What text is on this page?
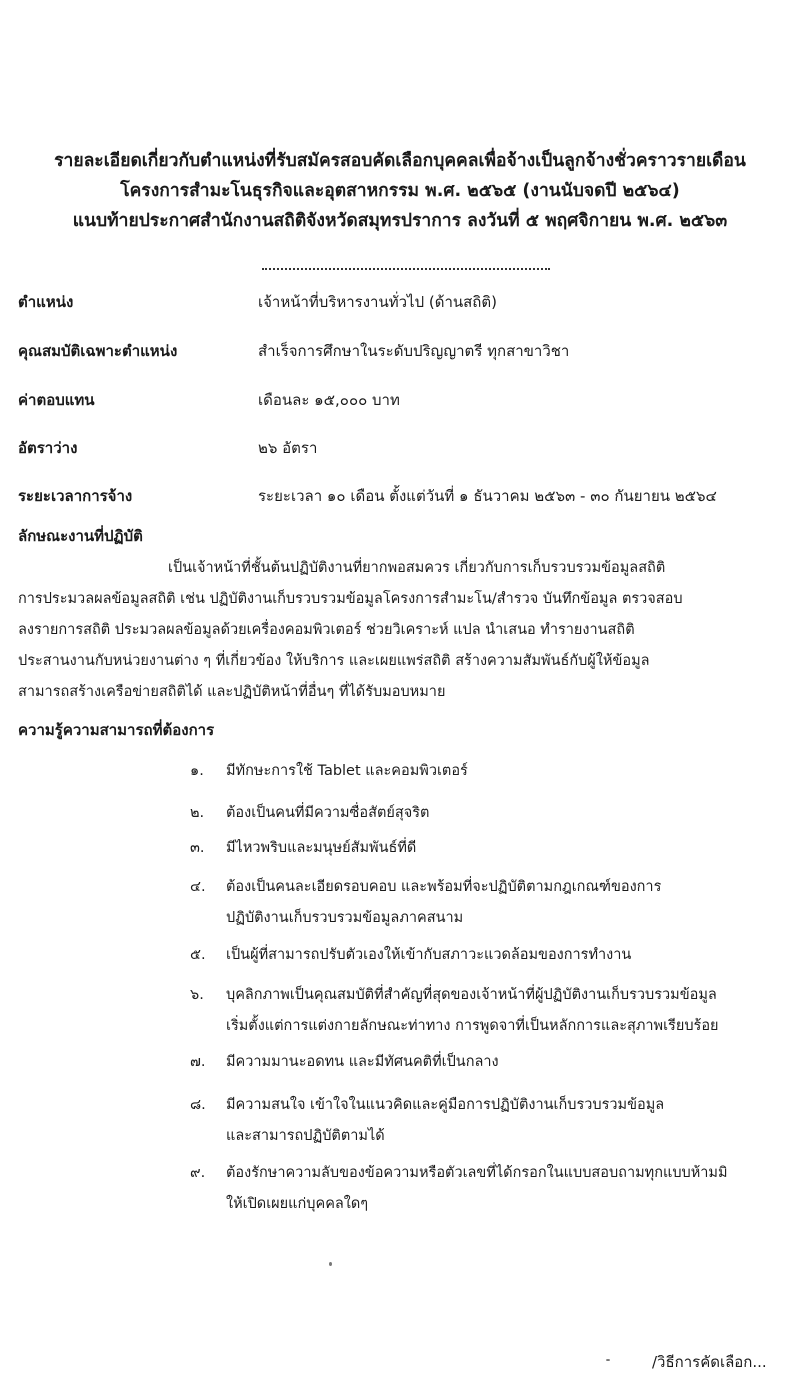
รายละเอียดเกี่ยวกับตำแหน่งที่รับสมัครสอบคัดเลือกบุคคลเพื่อจ้างเป็นลูกจ้างชั่วคราวรายเดือน
โครงการสำมะโนธุรกิจและอุตสาหกรรม พ.ศ. ๒๕๖๕ (งานนับจดปี ๒๕๖๔)
แนบท้ายประกาศสำนักงานสถิติจังหวัดสมุทรปราการ ลงวันที่ ๕ พฤศจิกายน พ.ศ. ๒๕๖๓
ตำแหน่ง	เจ้าหน้าที่บริหารงานทั่วไป (ด้านสถิติ)
คุณสมบัติเฉพาะตำแหน่ง	สำเร็จการศึกษาในระดับปริญญาตรี ทุกสาขาวิชา
ค่าตอบแทน	เดือนละ ๑๕,๐๐๐ บาท
อัตราว่าง	๒๖ อัตรา
ระยะเวลาการจ้าง	ระยะเวลา ๑๐ เดือน ตั้งแต่วันที่ ๑ ธันวาคม ๒๕๖๓ - ๓๐ กันยายน ๒๕๖๔
ลักษณะงานที่ปฏิบัติ
เป็นเจ้าหน้าที่ชั้นต้นปฏิบัติงานที่ยากพอสมควร เกี่ยวกับการเก็บรวบรวมข้อมูลสถิติ
การประมวลผลข้อมูลสถิติ เช่น ปฏิบัติงานเก็บรวบรวมข้อมูลโครงการสำมะโน/สำรวจ บันทึกข้อมูล ตรวจสอบ
ลงรายการสถิติ ประมวลผลข้อมูลด้วยเครื่องคอมพิวเตอร์ ช่วยวิเคราะห์ แปล นำเสนอ ทำรายงานสถิติ
ประสานงานกับหน่วยงานต่าง ๆ ที่เกี่ยวข้อง ให้บริการ และเผยแพร่สถิติ สร้างความสัมพันธ์กับผู้ให้ข้อมูล
สามารถสร้างเครือข่ายสถิติได้ และปฏิบัติหน้าที่อื่นๆ ที่ได้รับมอบหมาย
ความรู้ความสามารถที่ต้องการ
๑. มีทักษะการใช้ Tablet และคอมพิวเตอร์
๒. ต้องเป็นคนที่มีความซื่อสัตย์สุจริต
๓. มีไหวพริบและมนุษย์สัมพันธ์ที่ดี
๔. ต้องเป็นคนละเอียดรอบคอบ และพร้อมที่จะปฏิบัติตามกฎเกณฑ์ของการ
ปฏิบัติงานเก็บรวบรวมข้อมูลภาคสนาม
๕. เป็นผู้ที่สามารถปรับตัวเองให้เข้ากับสภาวะแวดล้อมของการทำงาน
๖. บุคลิกภาพเป็นคุณสมบัติที่สำคัญที่สุดของเจ้าหน้าที่ผู้ปฏิบัติงานเก็บรวบรวมข้อมูล
เริ่มตั้งแต่การแต่งกายลักษณะท่าทาง การพูดจาที่เป็นหลักการและสุภาพเรียบร้อย
๗. มีความมานะอดทน และมีทัศนคติที่เป็นกลาง
๘. มีความสนใจ เข้าใจในแนวคิดและคู่มือการปฏิบัติงานเก็บรวบรวมข้อมูล
และสามารถปฏิบัติตามได้
๙. ต้องรักษาความลับของข้อความหรือตัวเลขที่ได้กรอกในแบบสอบถามทุกแบบห้ามมิ
ให้เปิดเผยแก่บุคคลใดๆ
/วิธีการคัดเลือก...
